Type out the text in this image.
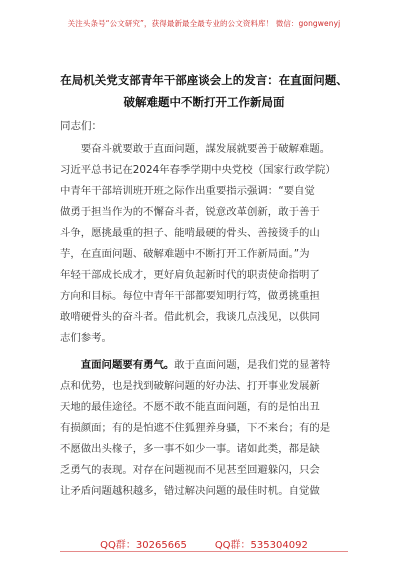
关注头条号“公文研究”，获得最新最全最专业的公文资料库！ 微信：gongwenyj
在局机关党支部青年干部座谈会上的发言：在直面问题、
破解难题中不断打开工作新局面
同志们：
　　要奋斗就要敢于直面问题，謀发展就要善于破解难题。
习近平总书记在2024年春季学期中央党校（国家行政学院）
中青年干部培训班开班之际作出重要指示强调：“要自觉
做勇于担当作为的不懈奋斗者，锐意改革创新，敢于善于
斗争，愿挑最重的担子、能啃最硬的骨头、善接烫手的山
芋，在直面问题、破解难题中不断打开工作新局面。”为
年轻干部成长成才，更好肩负起新时代的职责使命指明了
方向和目标。每位中青年干部都要知明行笃，做勇挑重担
敢啃硬骨头的奋斗者。借此机会，我谈几点浅见，以供同
志们参考。
　　直面问题要有勇气。敢于直面问题，是我们党的显著特
点和优势，也是找到破解问题的好办法、打开事业发展新
天地的最佳途径。不愿不敢不能直面问题，有的是怕出丑
有损颜面；有的是怕遮不住狐狸养身骚，下不来台；有的是
不愿做出头椽子，多一事不如少一事。诸如此类，都是缺
乏勇气的表现。对存在问题视而不见甚至回避躲闪，只会
让矛盾问题越积越多，错过解决问题的最佳时机。自觉做
QQ群：30265665	QQ群：535304092
